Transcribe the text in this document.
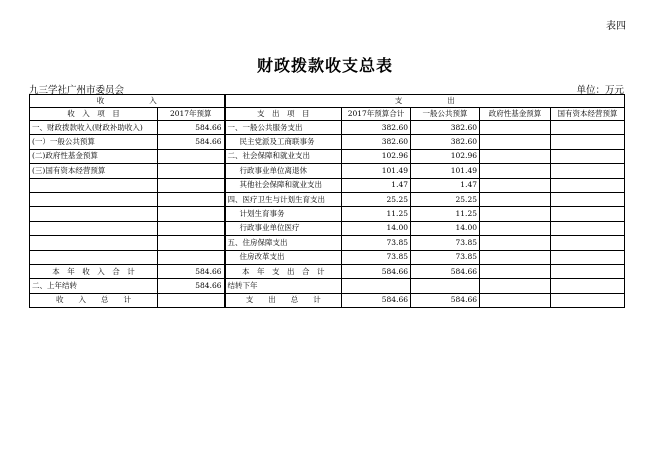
表四
财政拨款收支总表
九三学社广州市委员会	单位：万元
收　　　　　　入		支　　　　　　出				
收　入　项　目	2017年预算	支　出　项　目	2017年预算合计	一般公共预算	政府性基金预算	国有资本经营预算
一、财政拨款收入(财政补助收入)	584.66	一、一般公共服务支出	382.60	382.60		
(一）一般公共预算	584.66	民主党派及工商联事务	382.60	382.60		
(二)政府性基金预算		二、社会保障和就业支出	102.96	102.96		
(三)国有资本经营预算		行政事业单位离退休	101.49	101.49		
		其他社会保障和就业支出	1.47	1.47		
		四、医疗卫生与计划生育支出	25.25	25.25		
		计划生育事务	11.25	11.25		
		行政事业单位医疗	14.00	14.00		
		五、住房保障支出	73.85	73.85		
		住房改革支出	73.85	73.85		
本　年　收　入　合　计	584.66	本　年　支　出　合　计	584.66	584.66		
二、上年结转	584.66	结转下年				
收　　入　　总　　计		支　　出　　总　　计	584.66	584.66		
